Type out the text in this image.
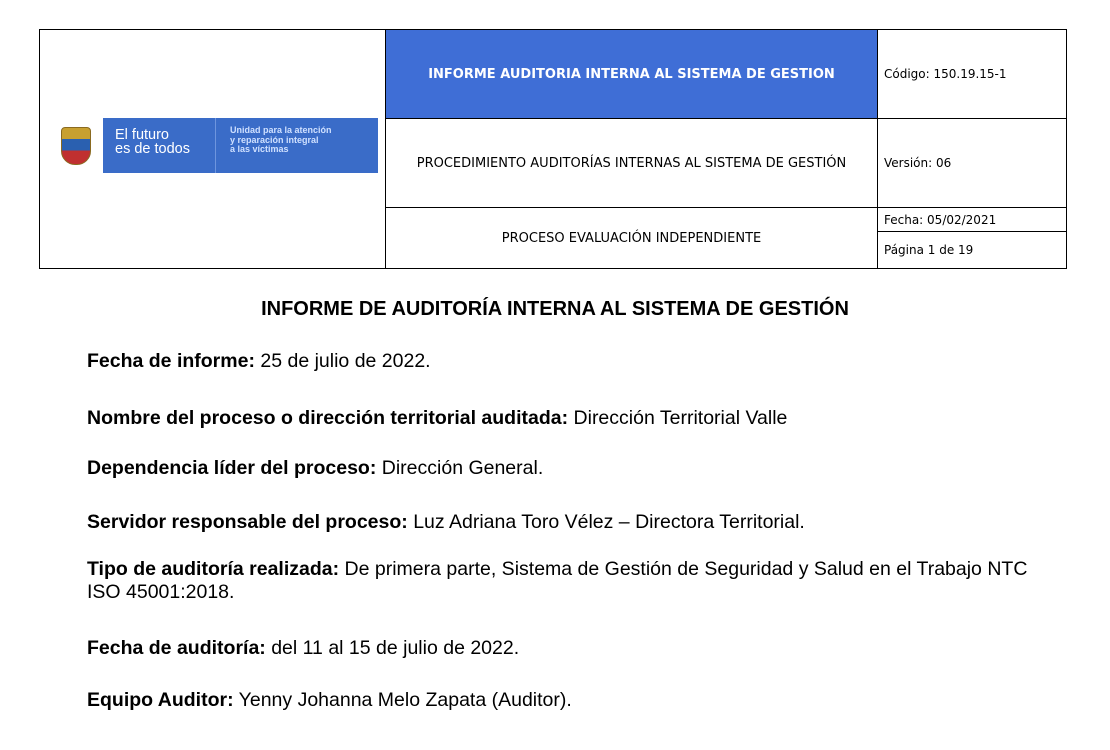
El futuro
es de todos
Unidad para la atención
y reparación integral
a las víctimas
INFORME AUDITORIA INTERNA AL SISTEMA DE GESTION
PROCEDIMIENTO AUDITORÍAS INTERNAS AL SISTEMA DE GESTIÓN
PROCESO EVALUACIÓN INDEPENDIENTE
Código: 150.19.15-1
Versión: 06
Fecha: 05/02/2021
Página 1 de 19
INFORME DE AUDITORÍA INTERNA AL SISTEMA DE GESTIÓN
Fecha de informe: 25 de julio de 2022.
Nombre del proceso o dirección territorial auditada: Dirección Territorial Valle
Dependencia líder del proceso: Dirección General.
Servidor responsable del proceso: Luz Adriana Toro Vélez – Directora Territorial.
Tipo de auditoría realizada: De primera parte, Sistema de Gestión de Seguridad y Salud en el Trabajo NTC ISO 45001:2018.
Fecha de auditoría: del 11 al 15 de julio de 2022.
Equipo Auditor: Yenny Johanna Melo Zapata (Auditor).
